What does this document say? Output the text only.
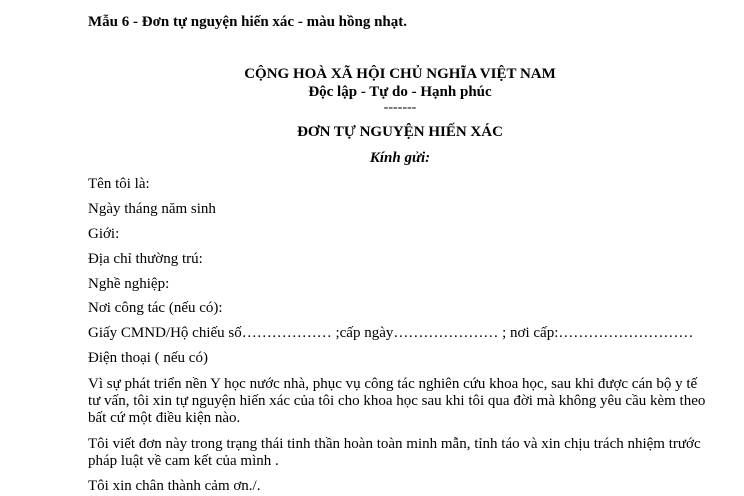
Mẫu 6 - Đơn tự nguyện hiến xác - màu hồng nhạt.
CỘNG HOÀ XÃ HỘI CHỦ NGHĨA VIỆT NAM
Độc lập - Tự do - Hạnh phúc
-------
ĐƠN TỰ NGUYỆN HIẾN XÁC
Kính gửi:
Tên tôi là:
Ngày tháng năm sinh
Giới:
Địa chỉ thường trú:
Nghề nghiệp:
Nơi công tác (nếu có):
Giấy CMND/Hộ chiếu số……………… ;cấp ngày………………… ; nơi cấp:………………………
Điện thoại ( nếu có)
Vì sự phát triển nền Y học nước nhà, phục vụ công tác nghiên cứu khoa học, sau khi được cán bộ y tế tư vấn, tôi xin tự nguyện hiến xác của tôi cho khoa học sau khi tôi qua đời mà không yêu cầu kèm theo bất cứ một điều kiện nào.
Tôi viết đơn này trong trạng thái tinh thần hoàn toàn minh mẫn, tỉnh táo và xin chịu trách nhiệm trước pháp luật về cam kết của mình .
Tôi xin chân thành cảm ơn./.
